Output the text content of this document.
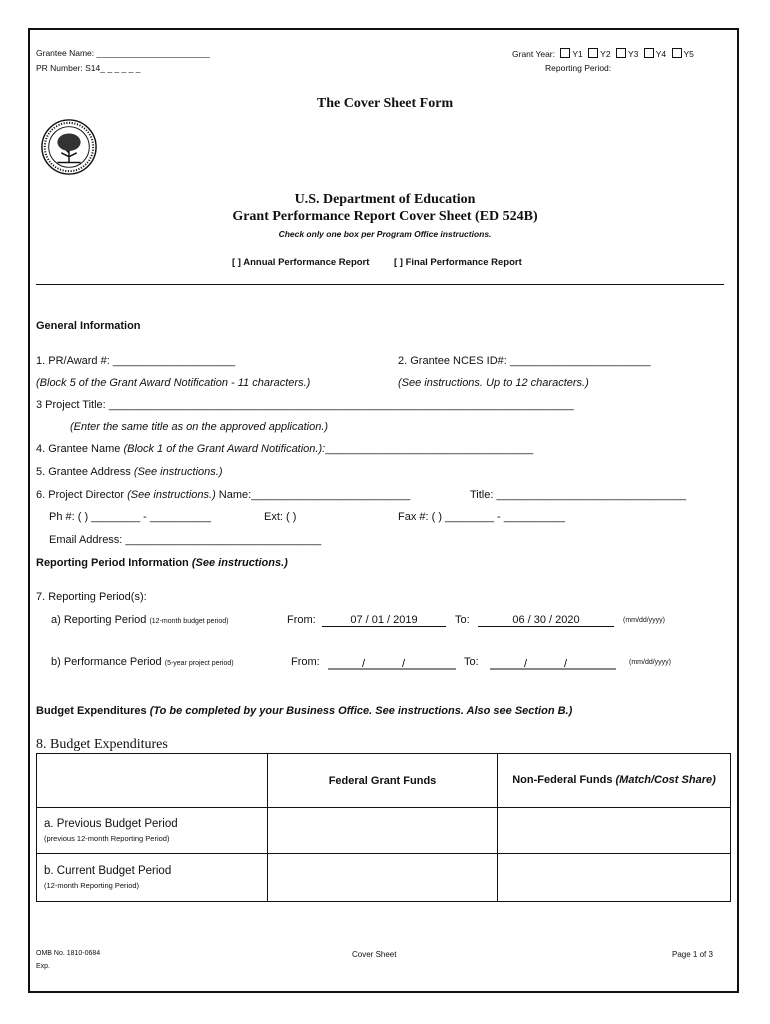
Grantee Name: ________________________
PR Number: S14_ _ _ _ _ _
Grant Year: Y1 Y2 Y3 Y4 Y5
Reporting Period:
The Cover Sheet Form
U.S. Department of Education
Grant Performance Report Cover Sheet (ED 524B)
Check only one box per Program Office instructions.
[ ] Annual Performance Report	[ ] Final Performance Report
General Information
1. PR/Award #: ____________________	2. Grantee NCES ID#: _______________________
(Block 5 of the Grant Award Notification - 11 characters.)	(See instructions. Up to 12 characters.)
3 Project Title: ____________________________________________________________________________
(Enter the same title as on the approved application.)
4. Grantee Name (Block 1 of the Grant Award Notification.):__________________________________
5. Grantee Address (See instructions.)
6. Project Director (See instructions.) Name:__________________________	Title: _______________________________
Ph #: ( ) ________ - __________	Ext: ( )	Fax #: ( ) ________ - __________
Email Address: ________________________________
Reporting Period Information (See instructions.)
7. Reporting Period(s):
a) Reporting Period (12-month budget period)	From:	07 / 01 / 2019	To:	06 / 30 / 2020	(mm/dd/yyyy)
b) Performance Period (5-year project period)	From:	/	/	To:	/	/	(mm/dd/yyyy)
Budget Expenditures (To be completed by your Business Office. See instructions. Also see Section B.)
8. Budget Expenditures
	Federal Grant Funds	Non-Federal Funds (Match/Cost Share)

a. Previous Budget Period
(previous 12-month Reporting Period)		

b. Current Budget Period
(12-month Reporting Period)		

OMB No. 1810-0684
Exp.
Cover Sheet	Page 1 of 3
